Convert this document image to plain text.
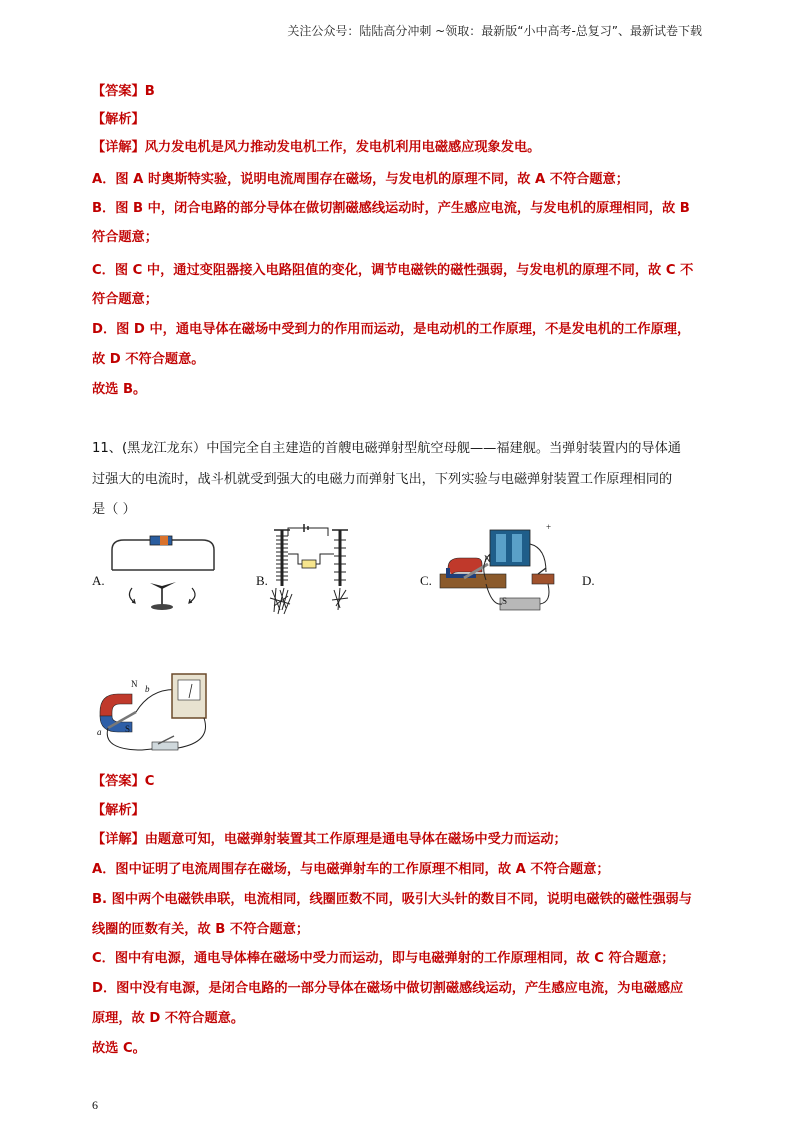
关注公众号：陆陆高分冲刺 ~领取：最新版“小中高考-总复习”、最新试卷下载
【答案】B
【解析】
【详解】风力发电机是风力推动发电机工作，发电机利用电磁感应现象发电。
A．图 A 时奥斯特实验，说明电流周围存在磁场，与发电机的原理不同，故 A 不符合题意；
B．图 B 中，闭合电路的部分导体在做切割磁感线运动时，产生感应电流，与发电机的原理相同，故 B
符合题意；
C．图 C 中，通过变阻器接入电路阻值的变化，调节电磁铁的磁性强弱，与发电机的原理不同，故 C 不
符合题意；
D．图 D 中，通电导体在磁场中受到力的作用而运动，是电动机的工作原理，不是发电机的工作原理，
故 D 不符合题意。
故选 B。
11、(黑龙江龙东）中国完全自主建造的首艘电磁弹射型航空母舰——福建舰。当弹射装置内的导体通
过强大的电流时，战斗机就受到强大的电磁力而弹射飞出，下列实验与电磁弹射装置工作原理相同的
是（ ）
A.	B.
N
S
+
C.	D.
N
S
b
a
【答案】C
【解析】
【详解】由题意可知，电磁弹射装置其工作原理是通电导体在磁场中受力而运动；
A．图中证明了电流周围存在磁场，与电磁弹射车的工作原理不相同，故 A 不符合题意；
B. 图中两个电磁铁串联，电流相同，线圈匝数不同，吸引大头针的数目不同，说明电磁铁的磁性强弱与
线圈的匝数有关，故 B 不符合题意；
C．图中有电源，通电导体棒在磁场中受力而运动，即与电磁弹射的工作原理相同，故 C 符合题意；
D．图中没有电源，是闭合电路的一部分导体在磁场中做切割磁感线运动，产生感应电流，为电磁感应
原理，故 D 不符合题意。
故选 C。
6
